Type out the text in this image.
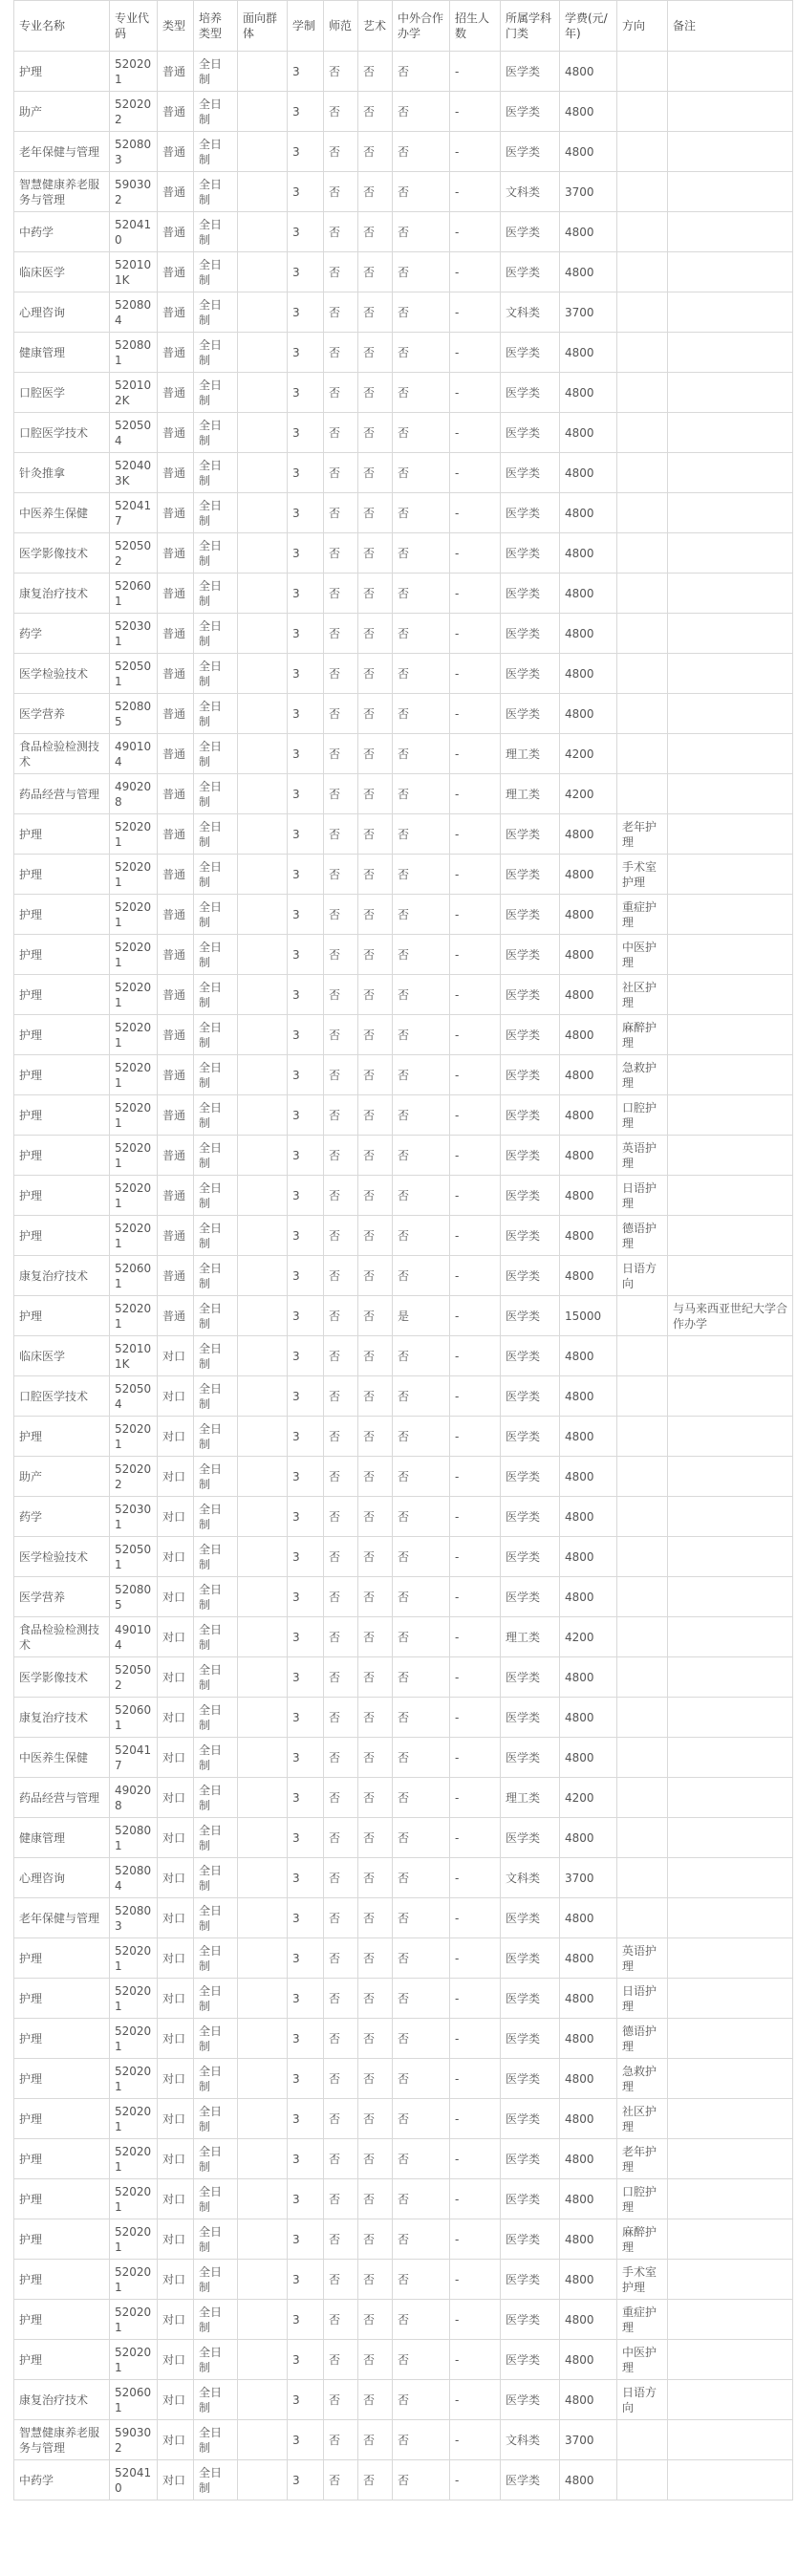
专业名称	专业代码	类型	培养类型	面向群体	学制	师范	艺术	中外合作办学	招生人数	所属学科门类	学费(元/年)	方向	备注
护理	520201	普通	全日制		3	否	否	否	-	医学类	4800		
助产	520202	普通	全日制		3	否	否	否	-	医学类	4800		
老年保健与管理	520803	普通	全日制		3	否	否	否	-	医学类	4800		
智慧健康养老服务与管理	590302	普通	全日制		3	否	否	否	-	文科类	3700		
中药学	520410	普通	全日制		3	否	否	否	-	医学类	4800		
临床医学	520101K	普通	全日制		3	否	否	否	-	医学类	4800		
心理咨询	520804	普通	全日制		3	否	否	否	-	文科类	3700		
健康管理	520801	普通	全日制		3	否	否	否	-	医学类	4800		
口腔医学	520102K	普通	全日制		3	否	否	否	-	医学类	4800		
口腔医学技术	520504	普通	全日制		3	否	否	否	-	医学类	4800		
针灸推拿	520403K	普通	全日制		3	否	否	否	-	医学类	4800		
中医养生保健	520417	普通	全日制		3	否	否	否	-	医学类	4800		
医学影像技术	520502	普通	全日制		3	否	否	否	-	医学类	4800		
康复治疗技术	520601	普通	全日制		3	否	否	否	-	医学类	4800		
药学	520301	普通	全日制		3	否	否	否	-	医学类	4800		
医学检验技术	520501	普通	全日制		3	否	否	否	-	医学类	4800		
医学营养	520805	普通	全日制		3	否	否	否	-	医学类	4800		
食品检验检测技术	490104	普通	全日制		3	否	否	否	-	理工类	4200		
药品经营与管理	490208	普通	全日制		3	否	否	否	-	理工类	4200		
护理	520201	普通	全日制		3	否	否	否	-	医学类	4800	老年护理	
护理	520201	普通	全日制		3	否	否	否	-	医学类	4800	手术室护理	
护理	520201	普通	全日制		3	否	否	否	-	医学类	4800	重症护理	
护理	520201	普通	全日制		3	否	否	否	-	医学类	4800	中医护理	
护理	520201	普通	全日制		3	否	否	否	-	医学类	4800	社区护理	
护理	520201	普通	全日制		3	否	否	否	-	医学类	4800	麻醉护理	
护理	520201	普通	全日制		3	否	否	否	-	医学类	4800	急救护理	
护理	520201	普通	全日制		3	否	否	否	-	医学类	4800	口腔护理	
护理	520201	普通	全日制		3	否	否	否	-	医学类	4800	英语护理	
护理	520201	普通	全日制		3	否	否	否	-	医学类	4800	日语护理	
护理	520201	普通	全日制		3	否	否	否	-	医学类	4800	德语护理	
康复治疗技术	520601	普通	全日制		3	否	否	否	-	医学类	4800	日语方向	
护理	520201	普通	全日制		3	否	否	是	-	医学类	15000		与马来西亚世纪大学合作办学
临床医学	520101K	对口	全日制		3	否	否	否	-	医学类	4800		
口腔医学技术	520504	对口	全日制		3	否	否	否	-	医学类	4800		
护理	520201	对口	全日制		3	否	否	否	-	医学类	4800		
助产	520202	对口	全日制		3	否	否	否	-	医学类	4800		
药学	520301	对口	全日制		3	否	否	否	-	医学类	4800		
医学检验技术	520501	对口	全日制		3	否	否	否	-	医学类	4800		
医学营养	520805	对口	全日制		3	否	否	否	-	医学类	4800		
食品检验检测技术	490104	对口	全日制		3	否	否	否	-	理工类	4200		
医学影像技术	520502	对口	全日制		3	否	否	否	-	医学类	4800		
康复治疗技术	520601	对口	全日制		3	否	否	否	-	医学类	4800		
中医养生保健	520417	对口	全日制		3	否	否	否	-	医学类	4800		
药品经营与管理	490208	对口	全日制		3	否	否	否	-	理工类	4200		
健康管理	520801	对口	全日制		3	否	否	否	-	医学类	4800		
心理咨询	520804	对口	全日制		3	否	否	否	-	文科类	3700		
老年保健与管理	520803	对口	全日制		3	否	否	否	-	医学类	4800		
护理	520201	对口	全日制		3	否	否	否	-	医学类	4800	英语护理	
护理	520201	对口	全日制		3	否	否	否	-	医学类	4800	日语护理	
护理	520201	对口	全日制		3	否	否	否	-	医学类	4800	德语护理	
护理	520201	对口	全日制		3	否	否	否	-	医学类	4800	急救护理	
护理	520201	对口	全日制		3	否	否	否	-	医学类	4800	社区护理	
护理	520201	对口	全日制		3	否	否	否	-	医学类	4800	老年护理	
护理	520201	对口	全日制		3	否	否	否	-	医学类	4800	口腔护理	
护理	520201	对口	全日制		3	否	否	否	-	医学类	4800	麻醉护理	
护理	520201	对口	全日制		3	否	否	否	-	医学类	4800	手术室护理	
护理	520201	对口	全日制		3	否	否	否	-	医学类	4800	重症护理	
护理	520201	对口	全日制		3	否	否	否	-	医学类	4800	中医护理	
康复治疗技术	520601	对口	全日制		3	否	否	否	-	医学类	4800	日语方向	
智慧健康养老服务与管理	590302	对口	全日制		3	否	否	否	-	文科类	3700		
中药学	520410	对口	全日制		3	否	否	否	-	医学类	4800		
